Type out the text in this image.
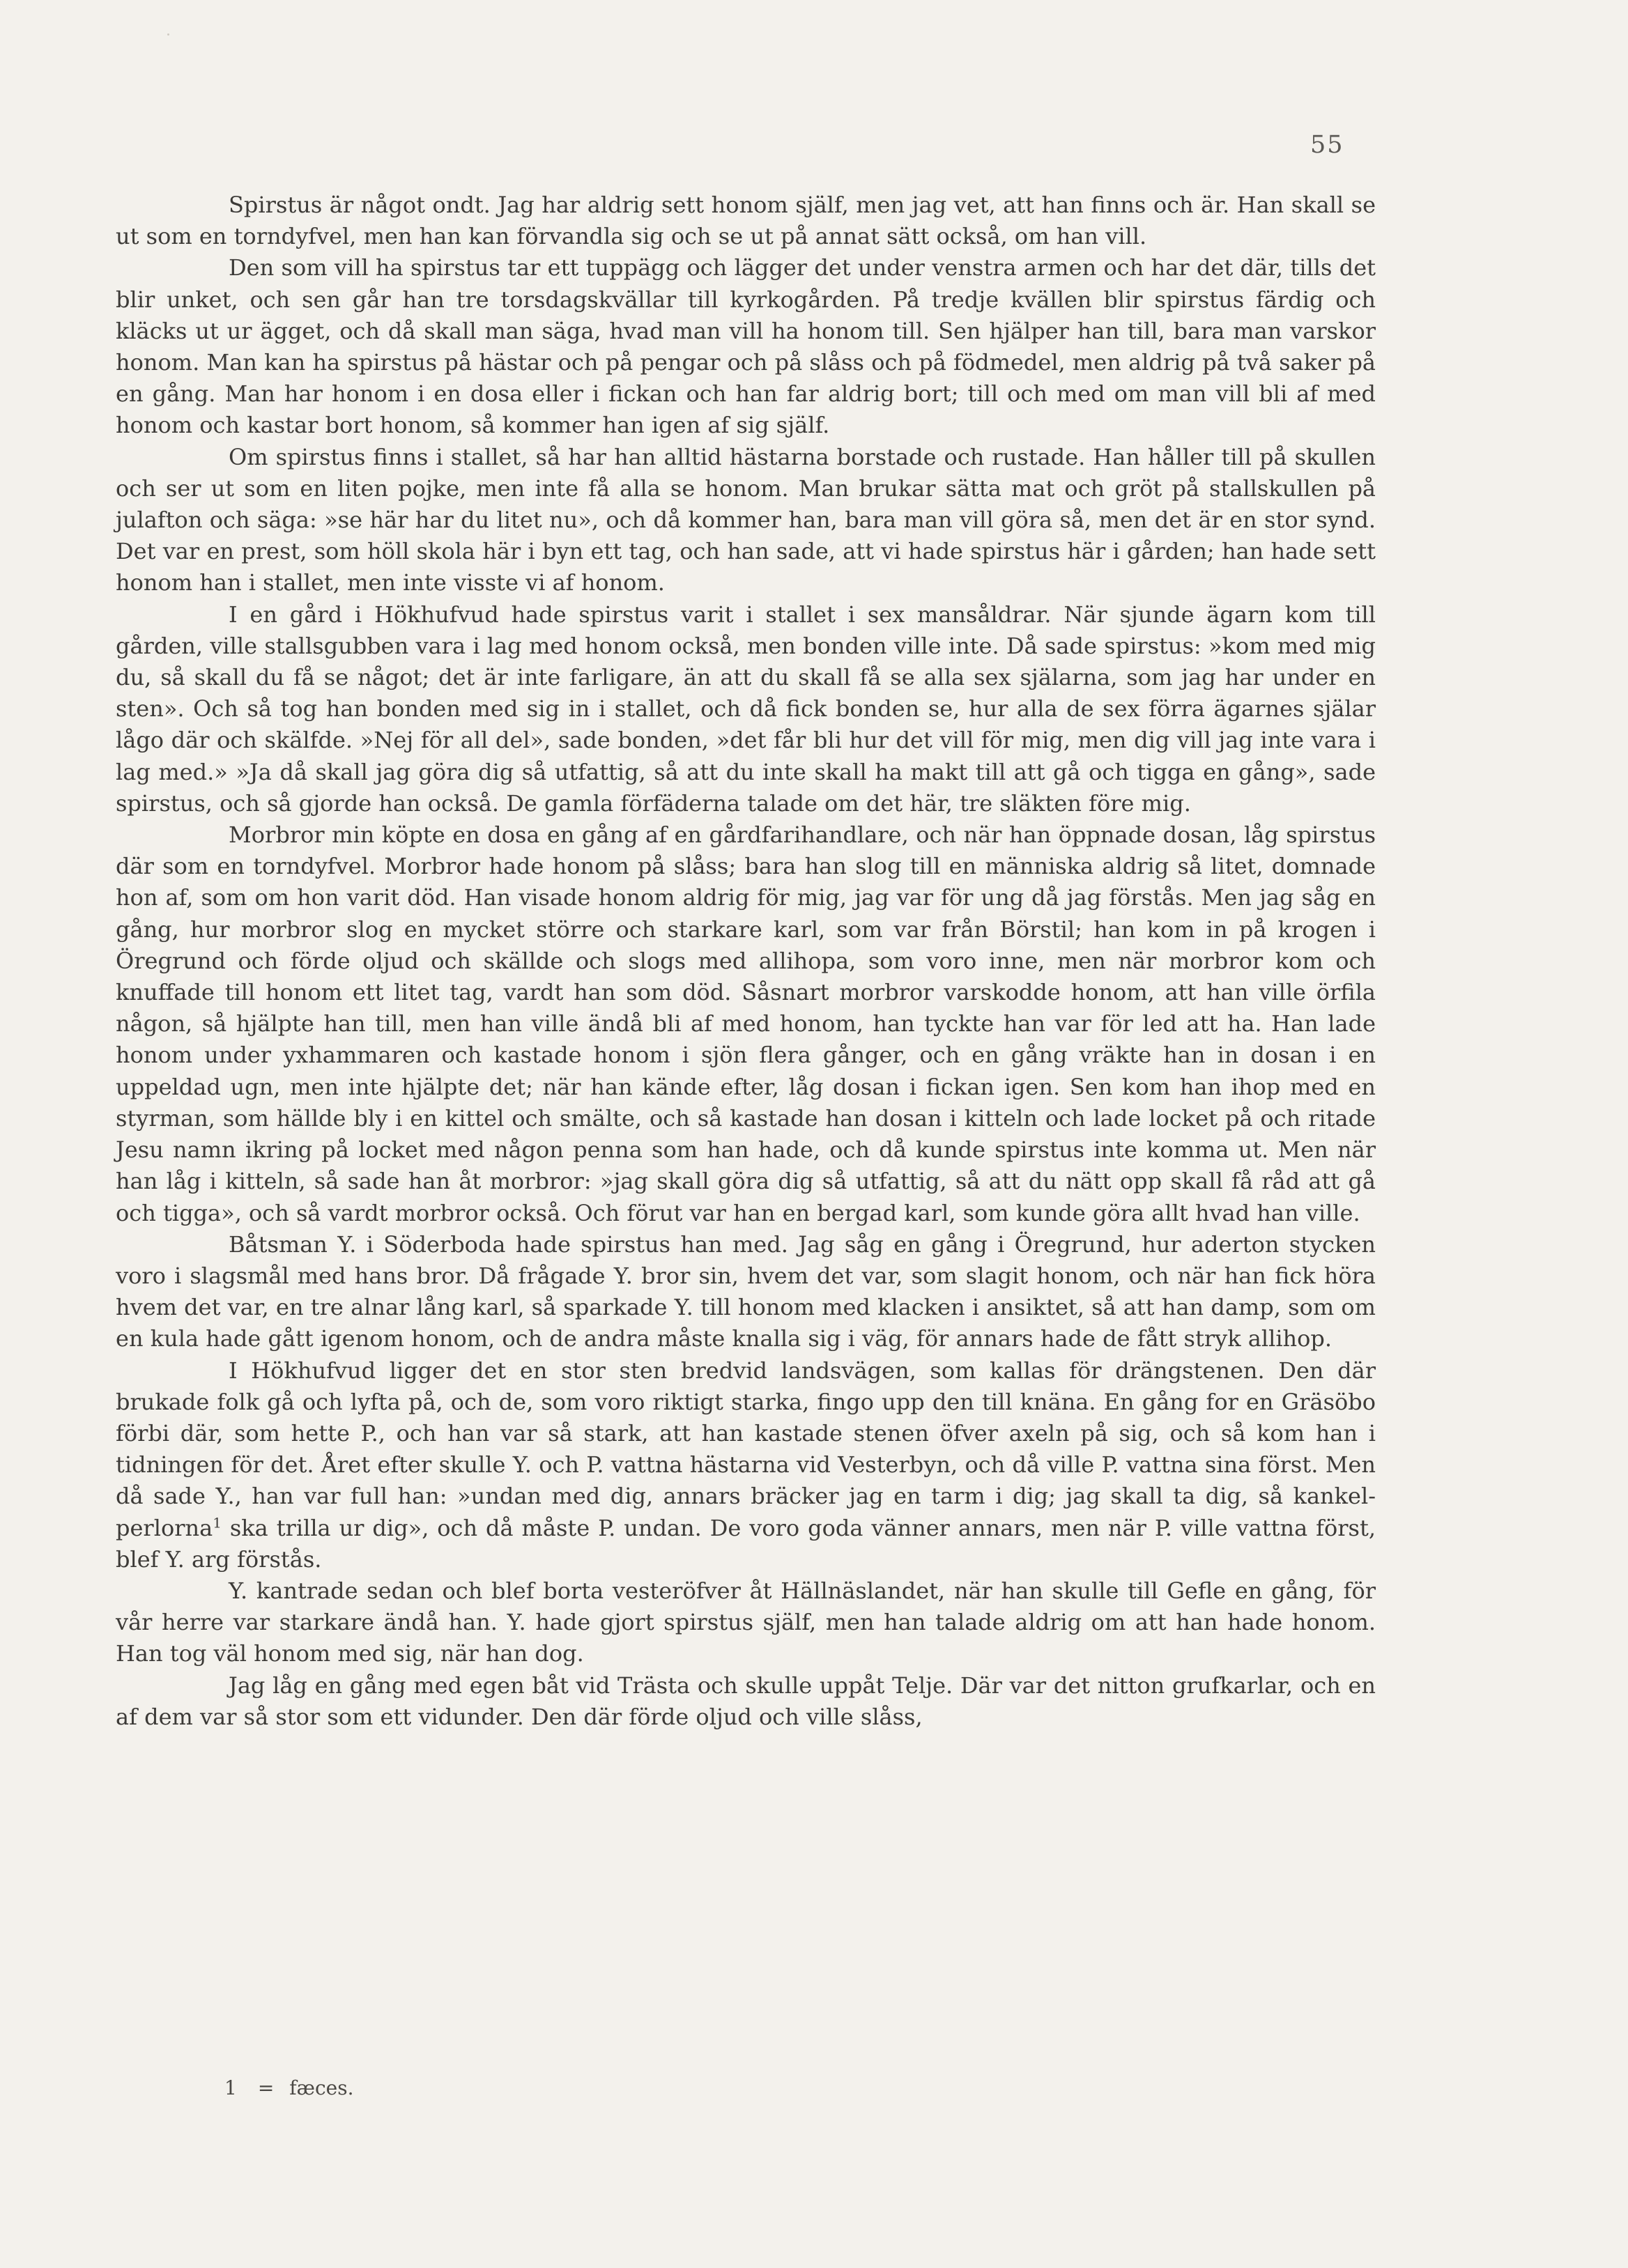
55

Spirstus är något ondt. Jag har aldrig sett honom själf, men jag vet, att han finns och är. Han skall se ut som en torndyfvel, men han kan förvandla sig och se ut på annat sätt också, om han vill.

Den som vill ha spirstus tar ett tuppägg och lägger det under venstra armen och har det där, tills det blir unket, och sen går han tre torsdagskvällar till kyrkogården. På tredje kvällen blir spirstus färdig och kläcks ut ur ägget, och då skall man säga, hvad man vill ha honom till. Sen hjälper han till, bara man varskor honom. Man kan ha spirstus på hästar och på pengar och på slåss och på födmedel, men aldrig på två saker på en gång. Man har honom i en dosa eller i fickan och han far aldrig bort; till och med om man vill bli af med honom och kastar bort honom, så kommer han igen af sig själf.

Om spirstus finns i stallet, så har han alltid hästarna borstade och rustade. Han håller till på skullen och ser ut som en liten pojke, men inte få alla se honom. Man brukar sätta mat och gröt på stallskullen på julafton och säga: »se här har du litet nu», och då kommer han, bara man vill göra så, men det är en stor synd. Det var en prest, som höll skola här i byn ett tag, och han sade, att vi hade spirstus här i gården; han hade sett honom han i stallet, men inte visste vi af honom.

I en gård i Hökhufvud hade spirstus varit i stallet i sex mansåldrar. När sjunde ägarn kom till gården, ville stallsgubben vara i lag med honom också, men bonden ville inte. Då sade spirstus: »kom med mig du, så skall du få se något; det är inte farligare, än att du skall få se alla sex själarna, som jag har under en sten». Och så tog han bonden med sig in i stallet, och då fick bonden se, hur alla de sex förra ägarnes själar lågo där och skälfde. »Nej för all del», sade bonden, »det får bli hur det vill för mig, men dig vill jag inte vara i lag med.» »Ja då skall jag göra dig så utfattig, så att du inte skall ha makt till att gå och tigga en gång», sade spirstus, och så gjorde han också. De gamla förfäderna talade om det här, tre släkten före mig.

Morbror min köpte en dosa en gång af en gårdfarihandlare, och när han öppnade dosan, låg spirstus där som en torndyfvel. Morbror hade honom på slåss; bara han slog till en människa aldrig så litet, domnade hon af, som om hon varit död. Han visade honom aldrig för mig, jag var för ung då jag förstås. Men jag såg en gång, hur morbror slog en mycket större och starkare karl, som var från Börstil; han kom in på krogen i Öregrund och förde oljud och skällde och slogs med allihopa, som voro inne, men när morbror kom och knuffade till honom ett litet tag, vardt han som död. Såsnart morbror varskodde honom, att han ville örfila någon, så hjälpte han till, men han ville ändå bli af med honom, han tyckte han var för led att ha. Han lade honom under yxhammaren och kastade honom i sjön flera gånger, och en gång vräkte han in dosan i en uppeldad ugn, men inte hjälpte det; när han kände efter, låg dosan i fickan igen. Sen kom han ihop med en styrman, som hällde bly i en kittel och smälte, och så kastade han dosan i kitteln och lade locket på och ritade Jesu namn ikring på locket med någon penna som han hade, och då kunde spirstus inte komma ut. Men när han låg i kitteln, så sade han åt morbror: »jag skall göra dig så utfattig, så att du nätt opp skall få råd att gå och tigga», och så vardt morbror också. Och förut var han en bergad karl, som kunde göra allt hvad han ville.

Båtsman Y. i Söderboda hade spirstus han med. Jag såg en gång i Öregrund, hur aderton stycken voro i slagsmål med hans bror. Då frågade Y. bror sin, hvem det var, som slagit honom, och när han fick höra hvem det var, en tre alnar lång karl, så sparkade Y. till honom med klacken i ansiktet, så att han damp, som om en kula hade gått igenom honom, och de andra måste knalla sig i väg, för annars hade de fått stryk allihop.

I Hökhufvud ligger det en stor sten bredvid landsvägen, som kallas för drängstenen. Den där brukade folk gå och lyfta på, och de, som voro riktigt starka, fingo upp den till knäna. En gång for en Gräsöbo förbi där, som hette P., och han var så stark, att han kastade stenen öfver axeln på sig, och så kom han i tidningen för det. Året efter skulle Y. och P. vattna hästarna vid Vesterbyn, och då ville P. vattna sina först. Men då sade Y., han var full han: »undan med dig, annars bräcker jag en tarm i dig; jag skall ta dig, så kankel-perlorna$^1$ ska trilla ur dig», och då måste P. undan. De voro goda vänner annars, men när P. ville vattna först, blef Y. arg förstås.

Y. kantrade sedan och blef borta vesteröfver åt Hällnäslandet, när han skulle till Gefle en gång, för vår herre var starkare ändå han. Y. hade gjort spirstus själf, men han talade aldrig om att han hade honom. Han tog väl honom med sig, när han dog.

Jag låg en gång med egen båt vid Trästa och skulle uppåt Telje. Där var det nitton grufkarlar, och en af dem var så stor som ett vidunder. Den där förde oljud och ville slåss,

1 = fæces.
